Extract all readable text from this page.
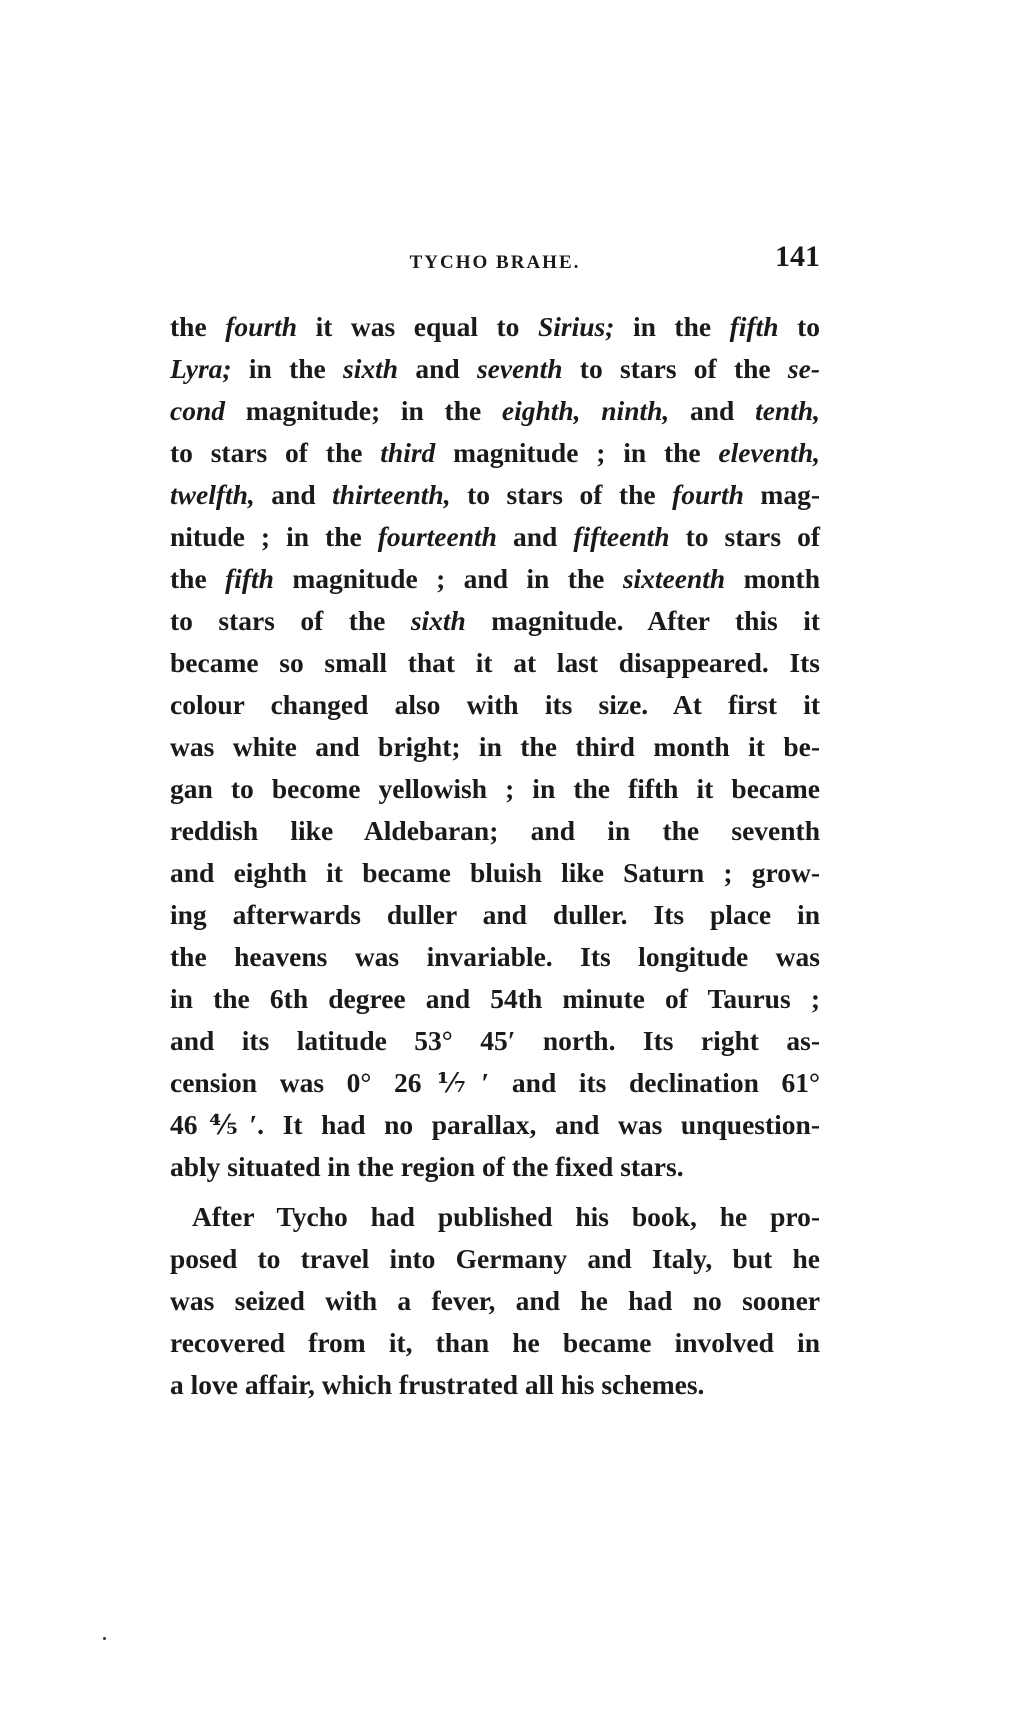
TYCHO BRAHE.	141
the fourth it was equal to Sirius; in the fifth to
Lyra; in the sixth and seventh to stars of the se-
cond magnitude; in the eighth, ninth, and tenth,
to stars of the third magnitude ; in the eleventh,
twelfth, and thirteenth, to stars of the fourth mag-
nitude ; in the fourteenth and fifteenth to stars of
the fifth magnitude ; and in the sixteenth month
to stars of the sixth magnitude. After this it
became so small that it at last disappeared. Its
colour changed also with its size. At first it
was white and bright; in the third month it be-
gan to become yellowish ; in the fifth it became
reddish like Aldebaran; and in the seventh
and eighth it became bluish like Saturn ; grow-
ing afterwards duller and duller. Its place in
the heavens was invariable. Its longitude was
in the 6th degree and 54th minute of Taurus ;
and its latitude 53° 45′ north. Its right as-
cension was 0° 26⅐′ and its declination 61°
46⅘′. It had no parallax, and was unquestion-
ably situated in the region of the fixed stars.
After Tycho had published his book, he pro-
posed to travel into Germany and Italy, but he
was seized with a fever, and he had no sooner
recovered from it, than he became involved in
a love affair, which frustrated all his schemes.
